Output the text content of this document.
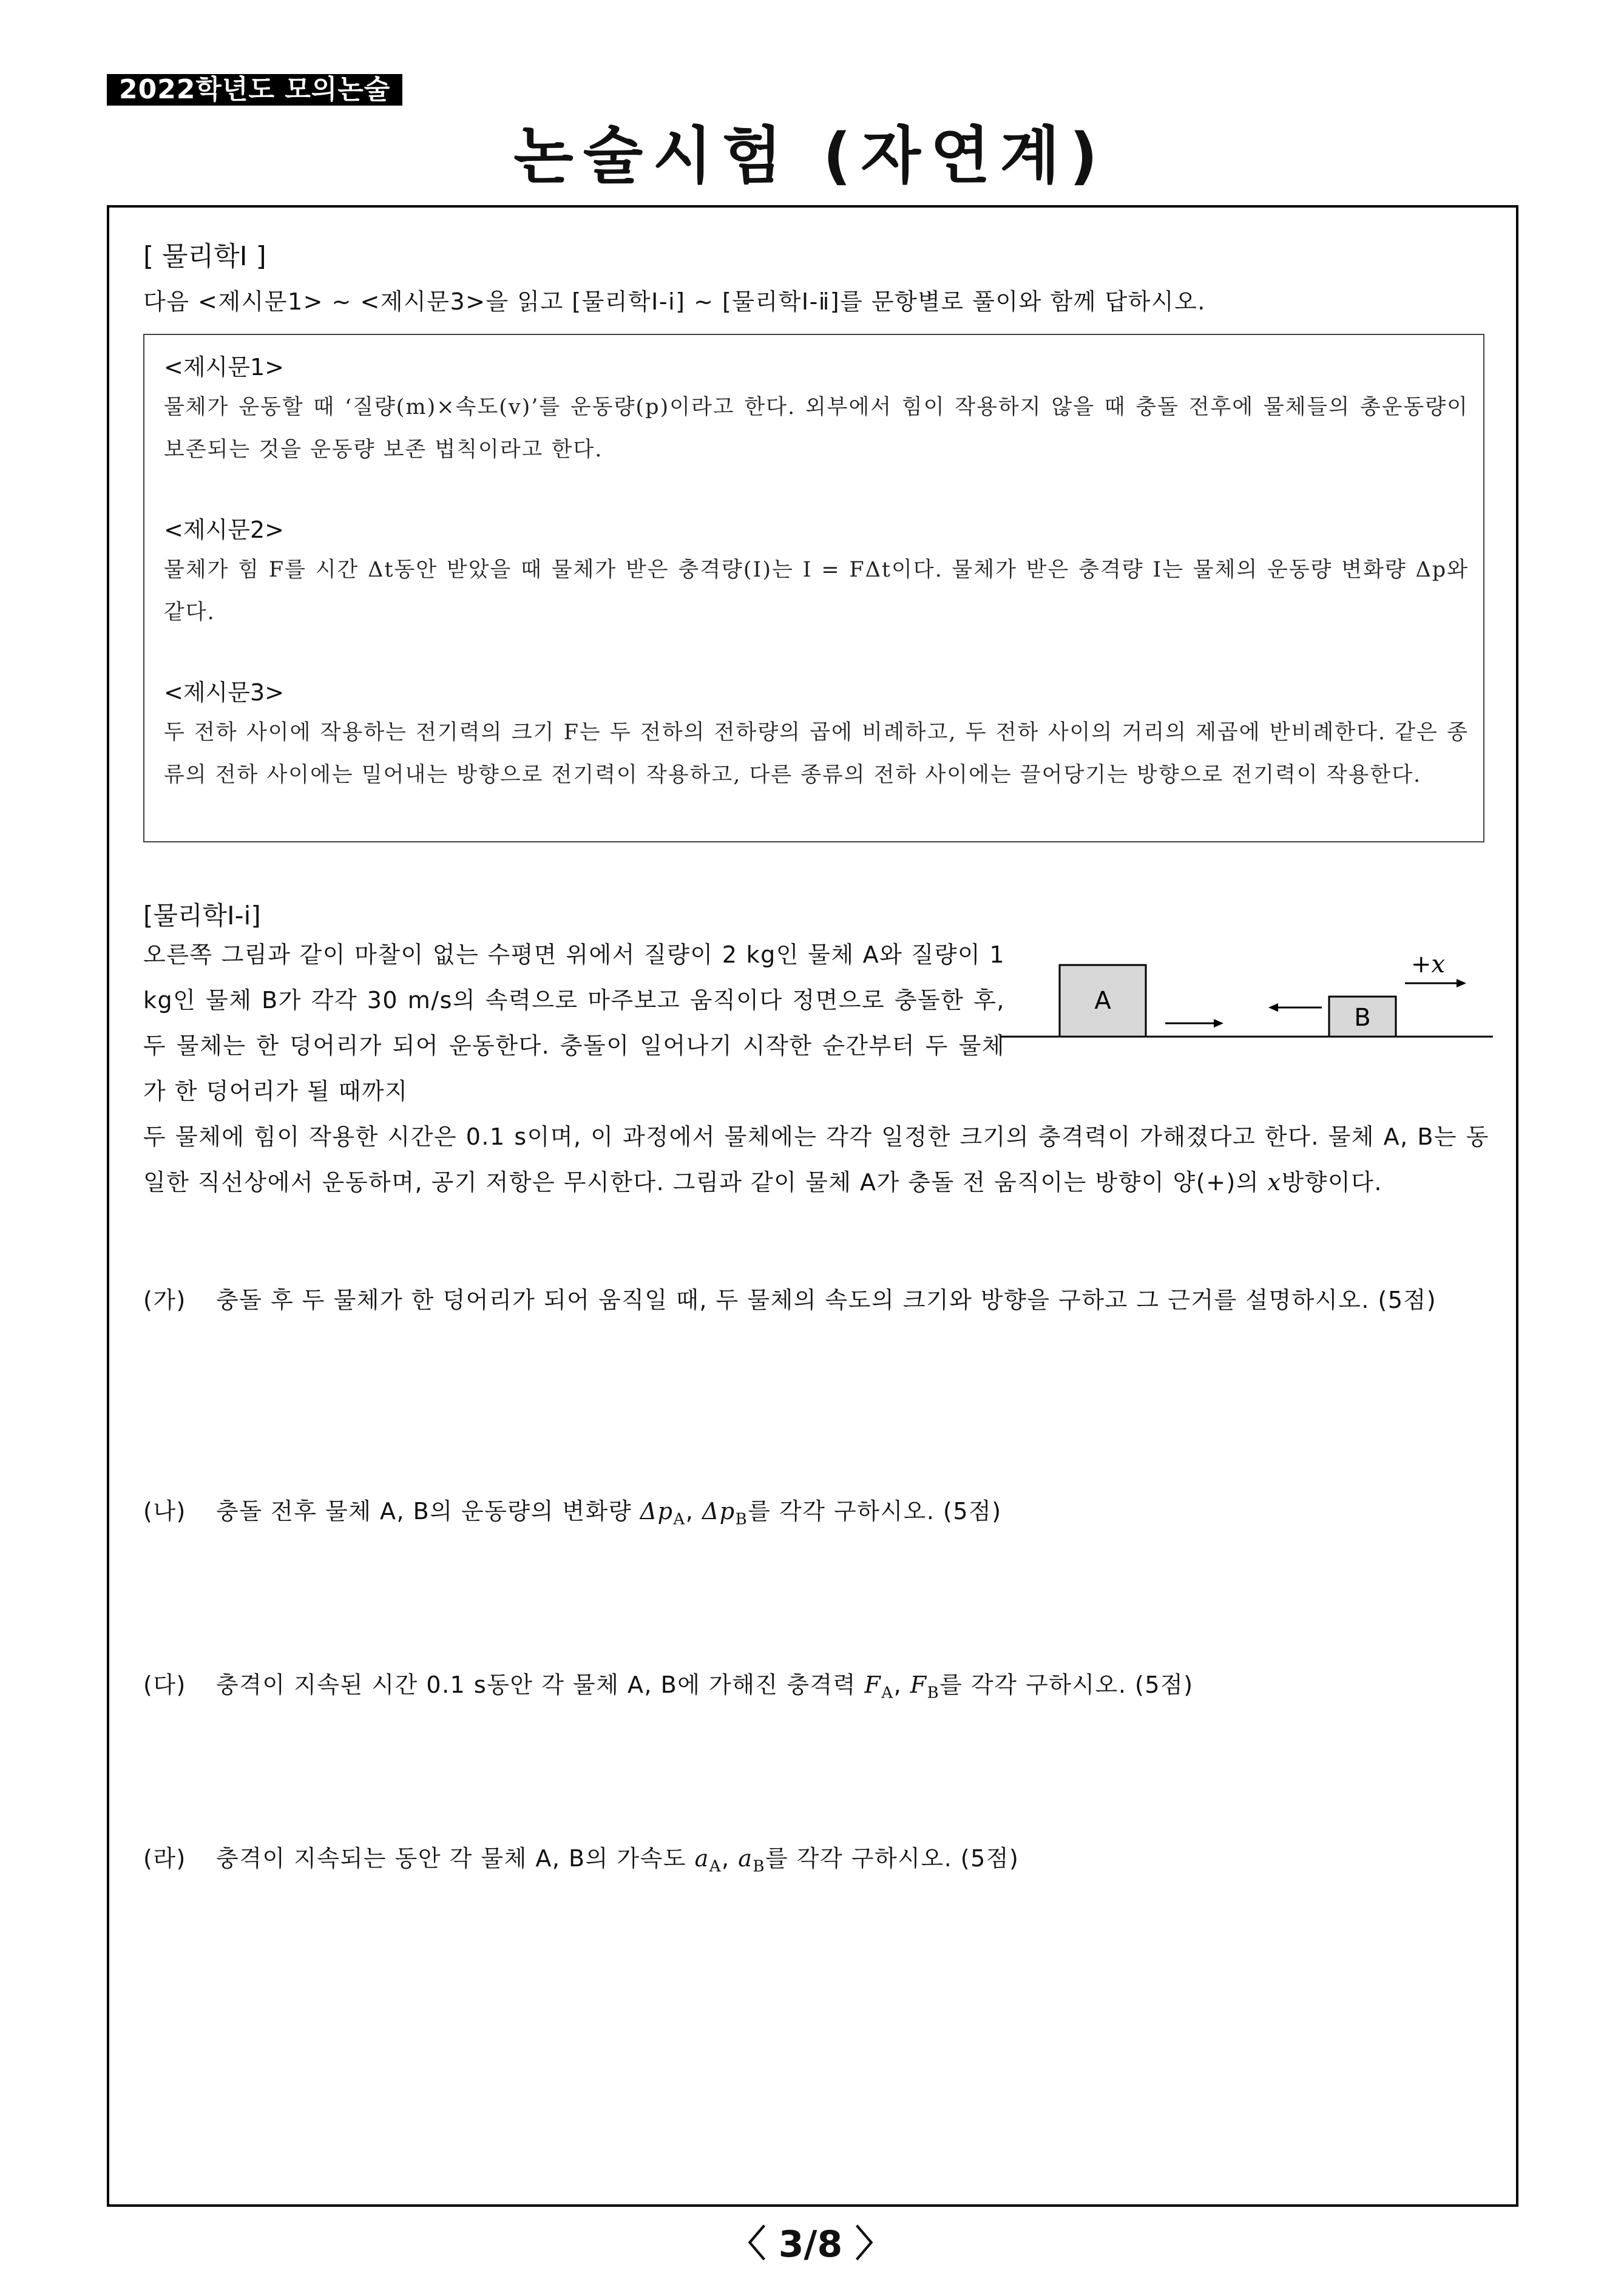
2022학년도 모의논술
논술시험 (자연계)
[ 물리학Ⅰ ]
다음 <제시문1> ~ <제시문3>을 읽고 [물리학Ⅰ-ⅰ] ~ [물리학Ⅰ-ⅱ]를 문항별로 풀이와 함께 답하시오.
<제시문1>
물체가 운동할 때 ‘질량(m)×속도(v)’를 운동량(p)이라고 한다. 외부에서 힘이 작용하지 않을 때 충돌 전후에 물체들의 총운동량이 보존되는 것을 운동량 보존 법칙이라고 한다.
<제시문2>
물체가 힘 F를 시간 Δt동안 받았을 때 물체가 받은 충격량(I)는 I = FΔt이다. 물체가 받은 충격량 I는 물체의 운동량 변화량 Δp와 같다.
<제시문3>
두 전하 사이에 작용하는 전기력의 크기 F는 두 전하의 전하량의 곱에 비례하고, 두 전하 사이의 거리의 제곱에 반비례한다. 같은 종류의 전하 사이에는 밀어내는 방향으로 전기력이 작용하고, 다른 종류의 전하 사이에는 끌어당기는 방향으로 전기력이 작용한다.
[물리학Ⅰ-ⅰ]
오른쪽 그림과 같이 마찰이 없는 수평면 위에서 질량이 2 kg인 물체 A와 질량이 1 kg인 물체 B가 각각 30 m/s의 속력으로 마주보고 움직이다 정면으로 충돌한 후, 두 물체는 한 덩어리가 되어 운동한다. 충돌이 일어나기 시작한 순간부터 두 물체가 한 덩어리가 될 때까지
+x
A
B
두 물체에 힘이 작용한 시간은 0.1 s이며, 이 과정에서 물체에는 각각 일정한 크기의 충격력이 가해졌다고 한다. 물체 A, B는 동일한 직선상에서 운동하며, 공기 저항은 무시한다. 그림과 같이 물체 A가 충돌 전 움직이는 방향이 양(+)의 x방향이다.
(가)	충돌 후 두 물체가 한 덩어리가 되어 움직일 때, 두 물체의 속도의 크기와 방향을 구하고 그 근거를 설명하시오. (5점)
(나) 충돌 전후 물체 A, B의 운동량의 변화량 $\Delta p_A$, $\Delta p_B$를 각각 구하시오. (5점)
(다) 충격이 지속된 시간 0.1 s동안 각 물체 A, B에 가해진 충격력 $F_A$, $F_B$를 각각 구하시오. (5점)
(라) 충격이 지속되는 동안 각 물체 A, B의 가속도 $a_A$, $a_B$를 각각 구하시오. (5점)
〈 3/8 〉
